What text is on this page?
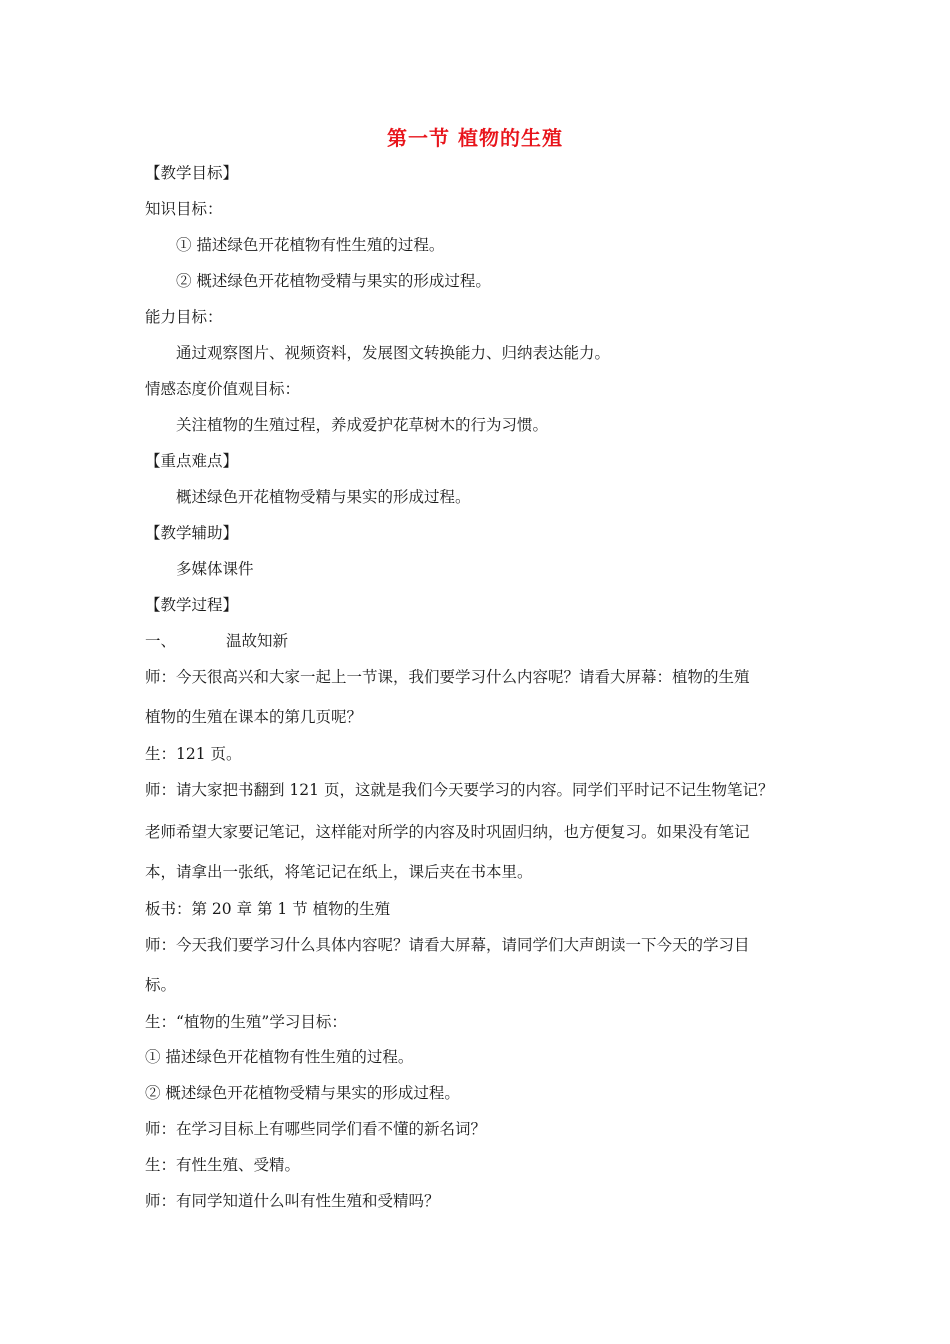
第一节 植物的生殖
【教学目标】
知识目标：
① 描述绿色开花植物有性生殖的过程。
② 概述绿色开花植物受精与果实的形成过程。
能力目标：
通过观察图片、视频资料，发展图文转换能力、归纳表达能力。
情感态度价值观目标：
关注植物的生殖过程，养成爱护花草树木的行为习惯。
【重点难点】
概述绿色开花植物受精与果实的形成过程。
【教学辅助】
多媒体课件
【教学过程】
一、	温故知新
师：今天很高兴和大家一起上一节课，我们要学习什么内容呢？请看大屏幕：植物的生殖
植物的生殖在课本的第几页呢？
生：121 页。
师：请大家把书翻到 121 页，这就是我们今天要学习的内容。同学们平时记不记生物笔记？
老师希望大家要记笔记，这样能对所学的内容及时巩固归纳，也方便复习。如果没有笔记
本，请拿出一张纸，将笔记记在纸上，课后夹在书本里。
板书：第 20 章 第 1 节 植物的生殖
师：今天我们要学习什么具体内容呢？请看大屏幕，请同学们大声朗读一下今天的学习目
标。
生：“植物的生殖”学习目标：
① 描述绿色开花植物有性生殖的过程。
② 概述绿色开花植物受精与果实的形成过程。
师：在学习目标上有哪些同学们看不懂的新名词？
生：有性生殖、受精。
师：有同学知道什么叫有性生殖和受精吗？
